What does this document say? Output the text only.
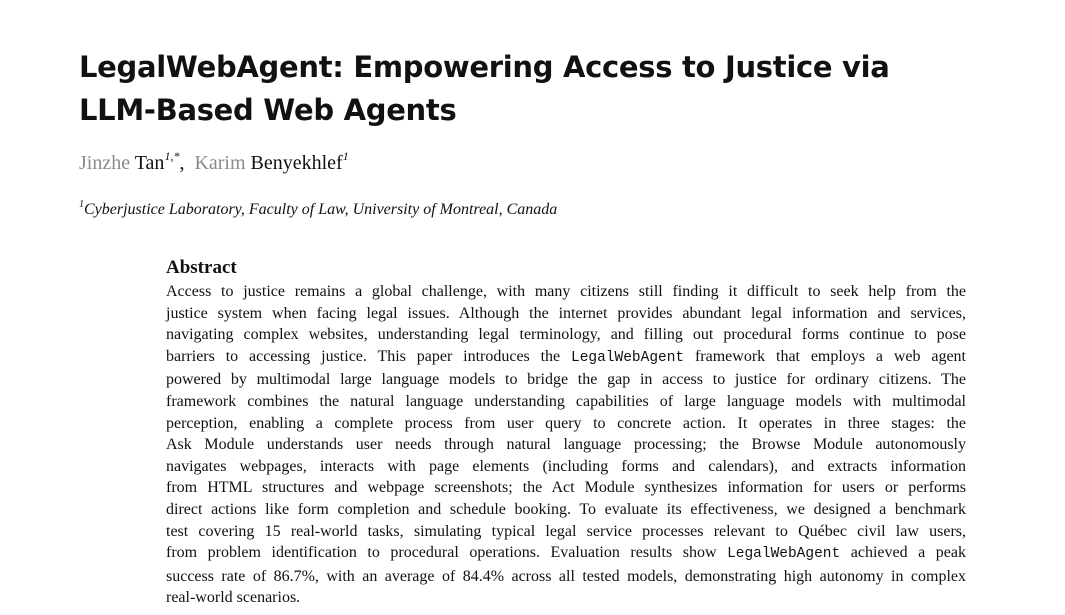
LegalWebAgent: Empowering Access to Justice via
LLM-Based Web Agents
Jinzhe Tan$^{1,*}$, Karim Benyekhlef$^1$
$^1$Cyberjustice Laboratory, Faculty of Law, University of Montreal, Canada
Abstract
Access to justice remains a global challenge, with many citizens still finding it difficult to seek help from the
justice system when facing legal issues. Although the internet provides abundant legal information and services,
navigating complex websites, understanding legal terminology, and filling out procedural forms continue to pose
barriers to accessing justice. This paper introduces the LegalWebAgent framework that employs a web agent
powered by multimodal large language models to bridge the gap in access to justice for ordinary citizens. The
framework combines the natural language understanding capabilities of large language models with multimodal
perception, enabling a complete process from user query to concrete action. It operates in three stages: the
Ask Module understands user needs through natural language processing; the Browse Module autonomously
navigates webpages, interacts with page elements (including forms and calendars), and extracts information
from HTML structures and webpage screenshots; the Act Module synthesizes information for users or performs
direct actions like form completion and schedule booking. To evaluate its effectiveness, we designed a benchmark
test covering 15 real-world tasks, simulating typical legal service processes relevant to Québec civil law users,
from problem identification to procedural operations. Evaluation results show LegalWebAgent achieved a peak
success rate of 86.7%, with an average of 84.4% across all tested models, demonstrating high autonomy in complex
real-world scenarios.
